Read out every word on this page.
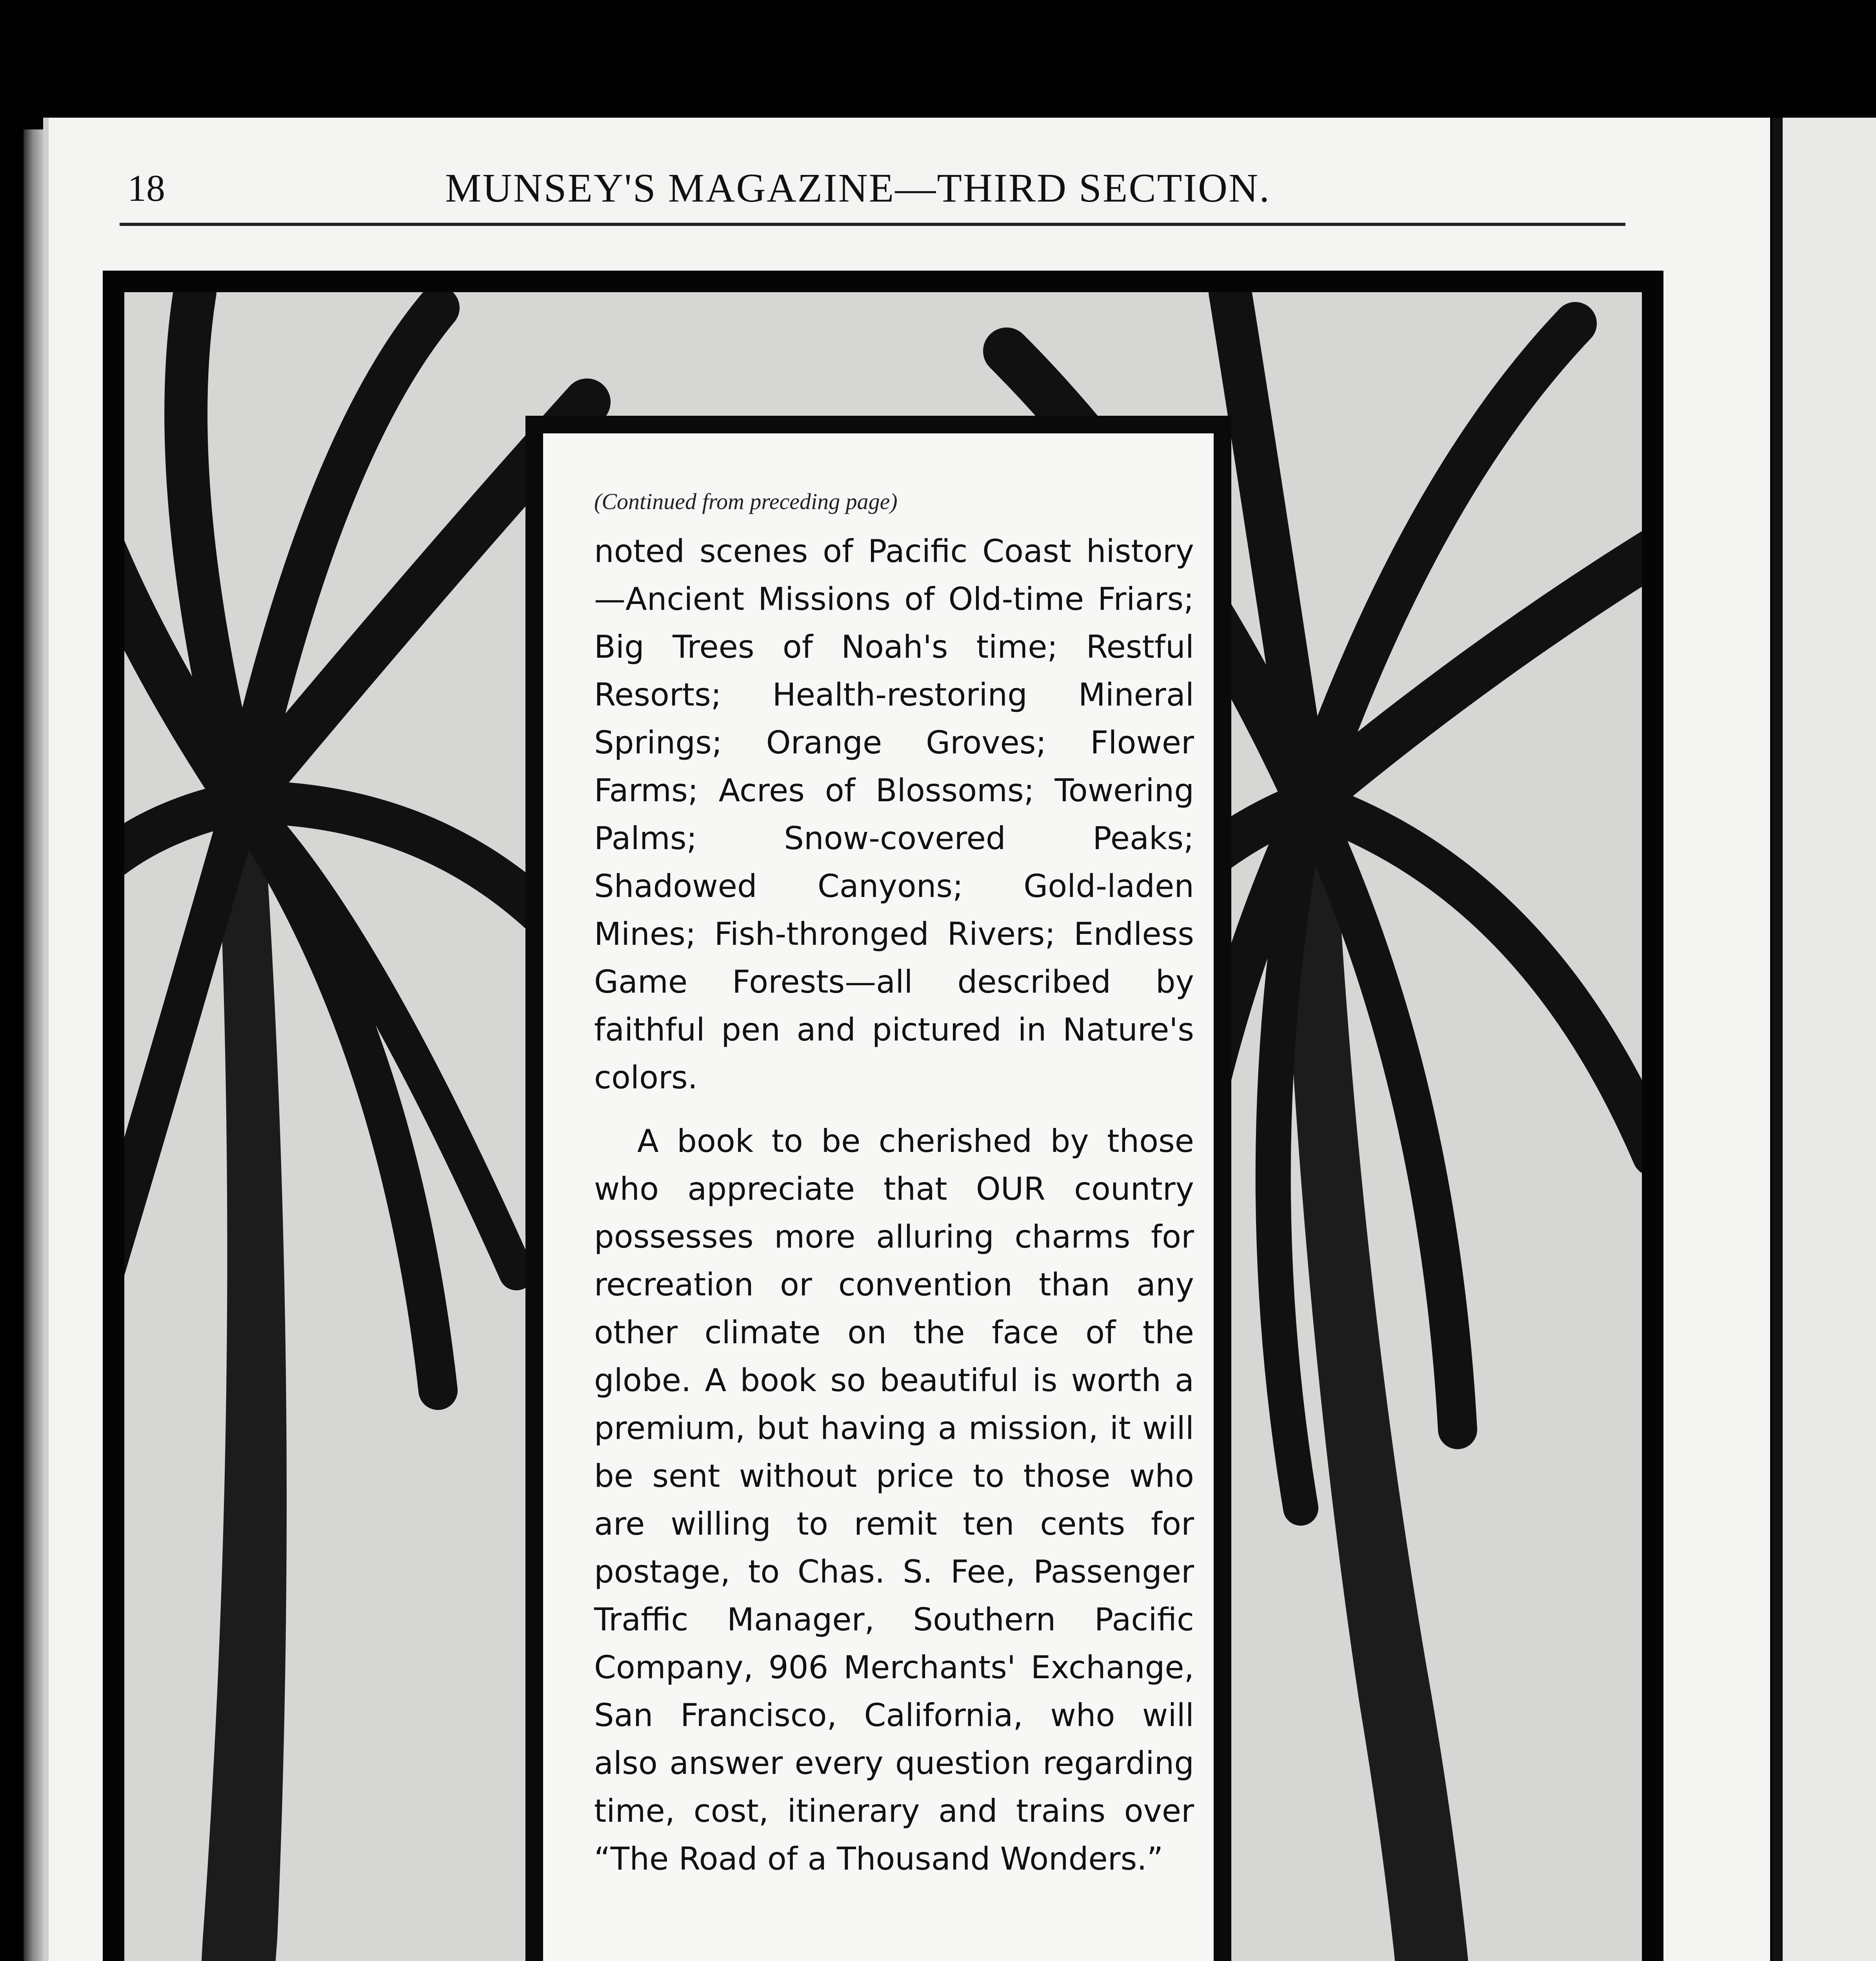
18	MUNSEY'S MAGAZINE—THIRD SECTION.
(Continued from preceding page)

noted scenes of Pacific Coast history—Ancient Missions of Old-time Friars; Big Trees of Noah's time; Restful Resorts; Health-restoring Mineral Springs; Orange Groves; Flower Farms; Acres of Blossoms; Towering Palms; Snow-covered Peaks; Shadowed Canyons; Gold-laden Mines; Fish-thronged Rivers; Endless Game Forests—all described by faithful pen and pictured in Nature's colors.

A book to be cherished by those who appreciate that OUR country possesses more alluring charms for recreation or convention than any other climate on the face of the globe. A book so beautiful is worth a premium, but having a mission, it will be sent without price to those who are willing to remit ten cents for postage, to Chas. S. Fee, Passenger Traffic Manager, Southern Pacific Company, 906 Merchants' Exchange, San Francisco, California, who will also answer every question regarding time, cost, itinerary and trains over “The Road of a Thousand Wonders.”
